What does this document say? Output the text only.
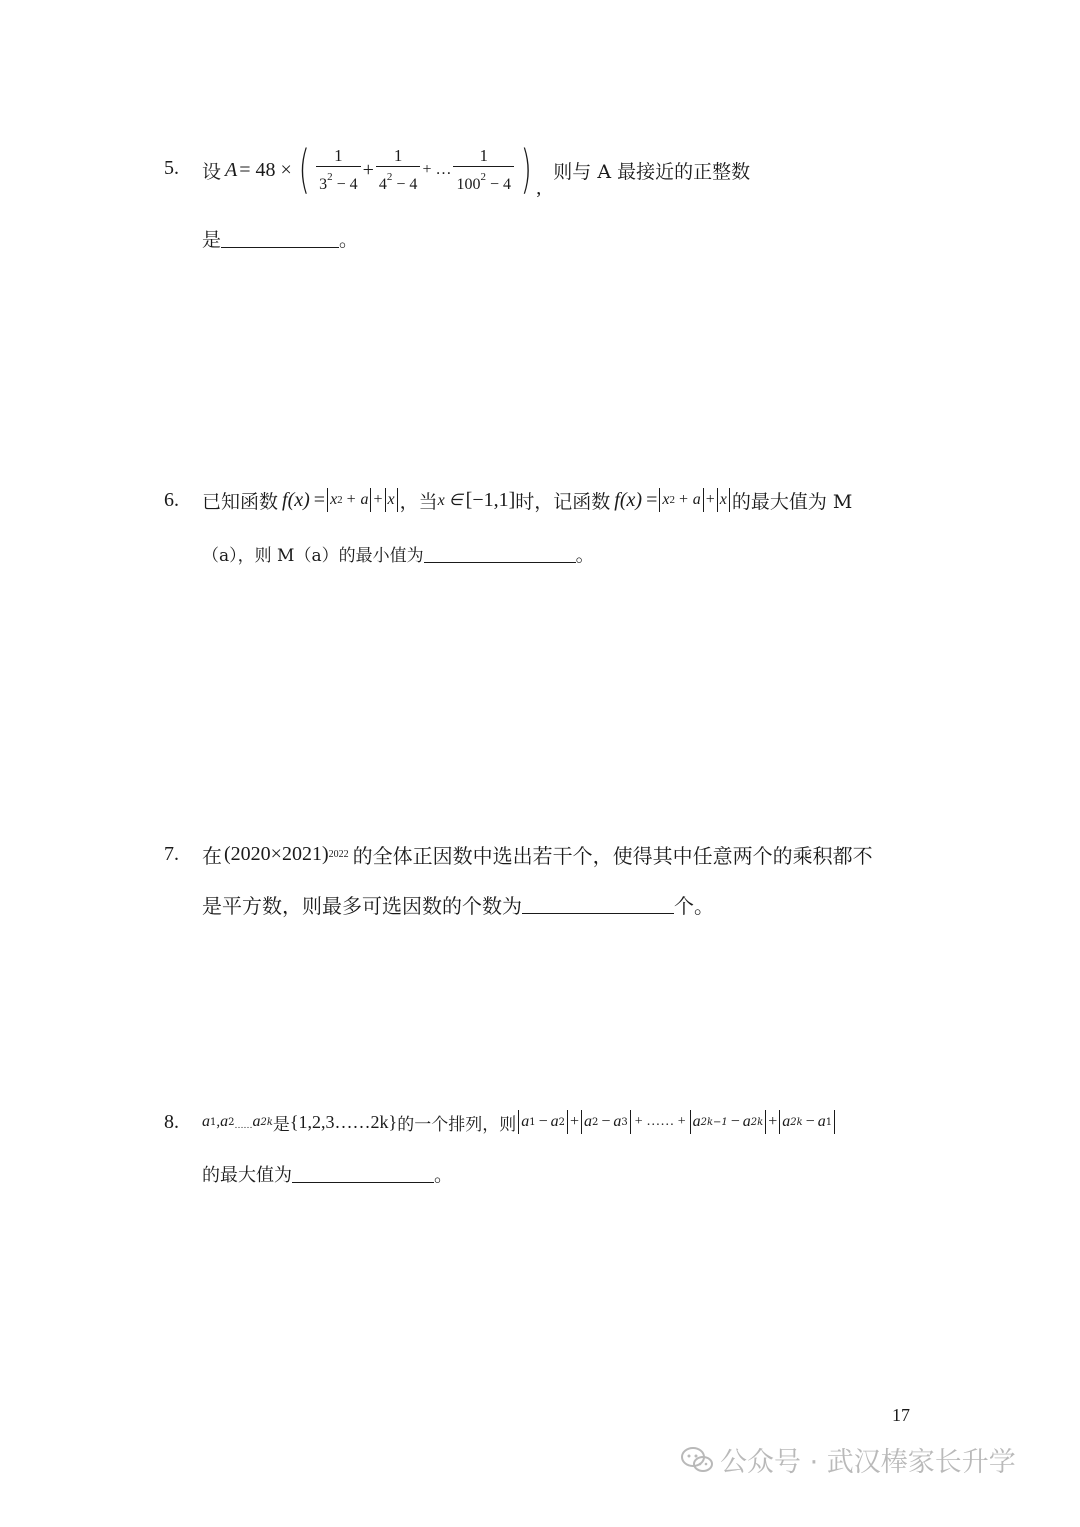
5. 设 A = 48 × ( $\frac{1}{3^2 - 4} + \frac{1}{4^2 - 4}$ + … $\frac{1}{100^2 - 4}$ ) ,
则与 A 最接近的正整数
是	。
6. 已知函数 f(x) = x 2 + a + x ，当 x ∈ [−1,1] 时，记函数 f(x) = x 2 + a + x 的最大值为 M
（a），则 M（a）的最小值为	。
7. 在 (2020×2021) 2022 的全体正因数中选出若干个，使得其中任意两个的乘积都不
是平方数，则最多可选因数的个数为	个。
8. a 1 , a 2 …… a 2k 是 {1,2,3……2k} 的一个排列，则 a 1 − a 2 + a 2 − a 3 + …… + a 2k−1 − a 2k + a 2k − a 1
的最大值为	。
17
公众号 · 武汉棒家长升学
